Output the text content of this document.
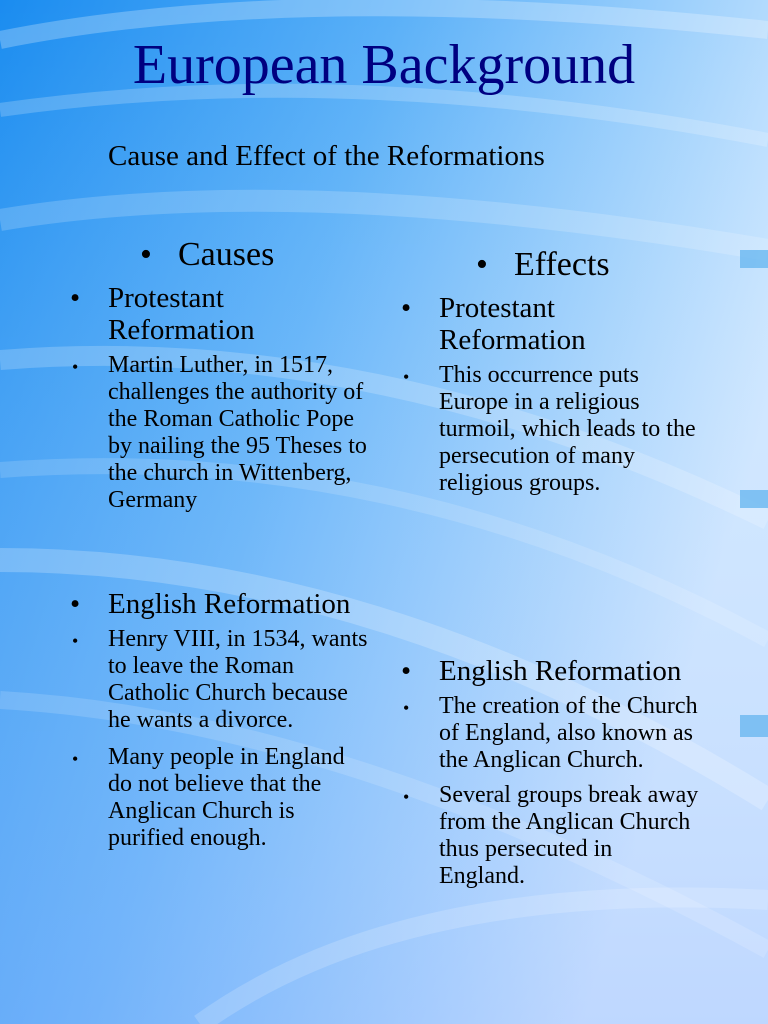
European Background
Cause and Effect of the Reformations
• Causes
• Protestant Reformation
• Martin Luther, in 1517, challenges the authority of the Roman Catholic Pope by nailing the 95 Theses to the church in Wittenberg, Germany
• English Reformation
• Henry VIII, in 1534, wants to leave the Roman Catholic Church because he wants a divorce.
• Many people in England do not believe that the Anglican Church is purified enough.
• Effects
• Protestant Reformation
• This occurrence puts Europe in a religious turmoil, which leads to the persecution of many religious groups.
• English Reformation
• The creation of the Church of England, also known as the Anglican Church.
• Several groups break away from the Anglican Church thus persecuted in England.
